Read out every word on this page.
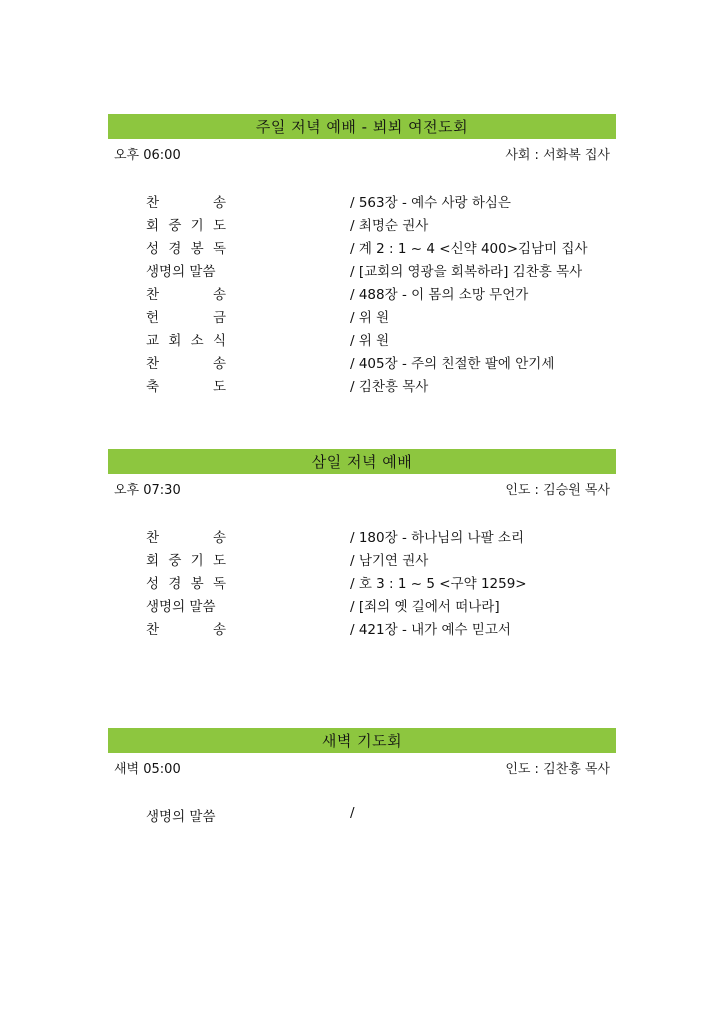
주일 저녁 예배 - 뵈뵈 여전도회
오후 06:00	사회 : 서화복 집사
찬	송	/ 563장 - 예수 사랑 하심은
회 중 기 도	/ 최명순 권사
성 경 봉 독	/ 계 2 : 1 ~ 4 <신약 400>김남미 집사
생명의 말씀	/ [교회의 영광을 회복하라] 김찬흥 목사
찬	송	/ 488장 - 이 몸의 소망 무언가
헌	금	/ 위 원
교 회 소 식	/ 위 원
찬	송	/ 405장 - 주의 친절한 팔에 안기세
축	도	/ 김찬흥 목사
삼일 저녁 예배
오후 07:30	인도 : 김승원 목사
찬	송	/ 180장 - 하나님의 나팔 소리
회 중 기 도	/ 남기연 권사
성 경 봉 독	/ 호 3 : 1 ~ 5 <구약 1259>
생명의 말씀	/ [죄의 옛 길에서 떠나라]
찬	송	/ 421장 - 내가 예수 믿고서
새벽 기도회
새벽 05:00	인도 : 김찬흥 목사
생명의 말씀	/
